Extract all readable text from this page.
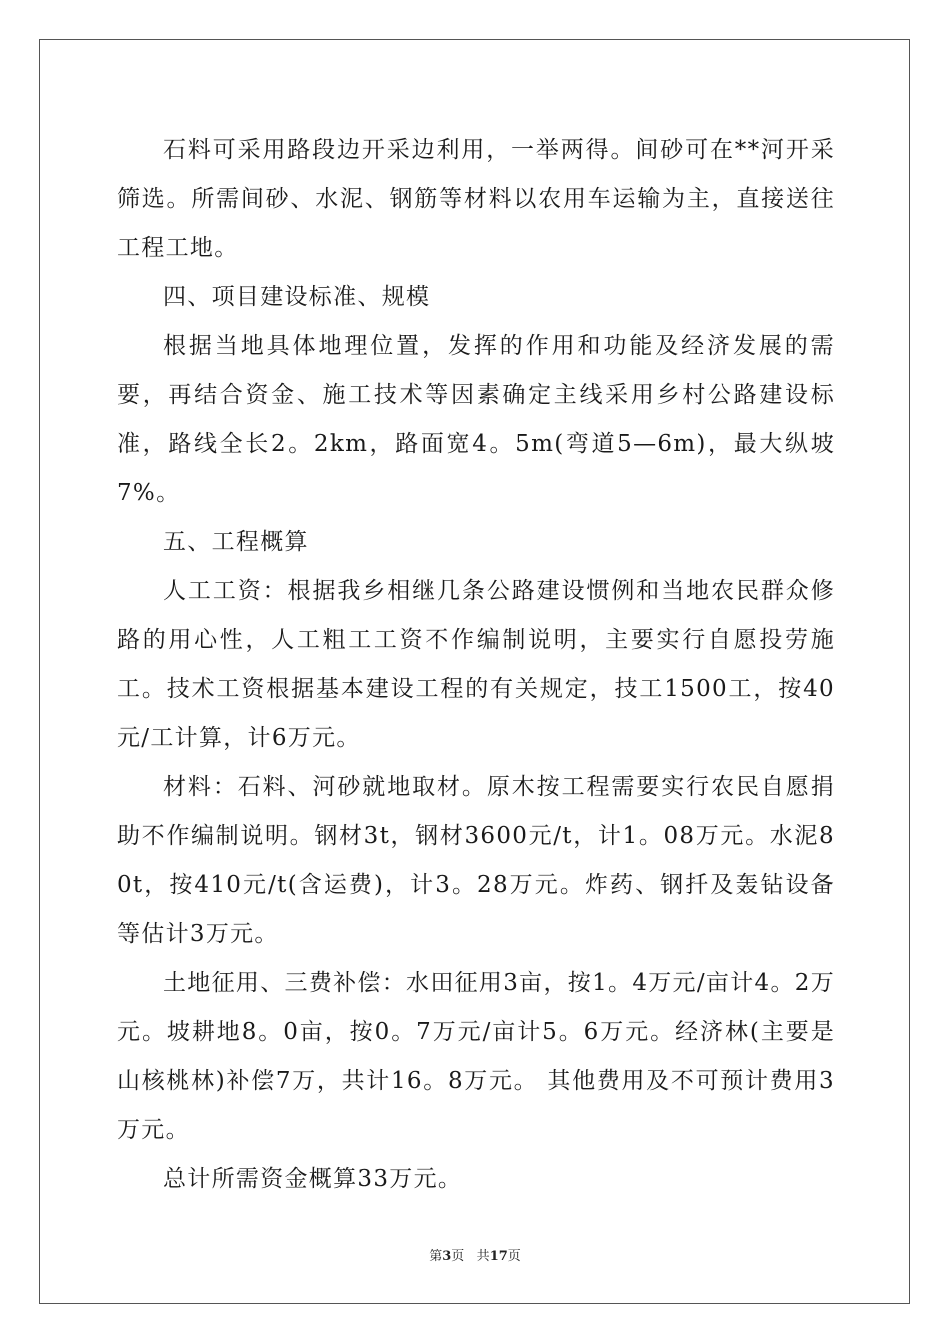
石料可采用路段边开采边利用，一举两得。间砂可在**河开采筛选。所需间砂、水泥、钢筋等材料以农用车运输为主，直接送往工程工地。

四、项目建设标准、规模

根据当地具体地理位置，发挥的作用和功能及经济发展的需要，再结合资金、施工技术等因素确定主线采用乡村公路建设标准，路线全长2。2km，路面宽4。5m(弯道5—6m)，最大纵坡7%。

五、工程概算

人工工资：根据我乡相继几条公路建设惯例和当地农民群众修路的用心性，人工粗工工资不作编制说明，主要实行自愿投劳施工。技术工资根据基本建设工程的有关规定，技工1500工，按40元/工计算，计6万元。

材料：石料、河砂就地取材。原木按工程需要实行农民自愿捐助不作编制说明。钢材3t，钢材3600元/t，计1。08万元。水泥80t，按410元/t(含运费)，计3。28万元。炸药、钢扦及轰钻设备等估计3万元。

土地征用、三费补偿：水田征用3亩，按1。4万元/亩计4。2万元。坡耕地8。0亩，按0。7万元/亩计5。6万元。经济林(主要是山核桃林)补偿7万，共计16。8万元。 其他费用及不可预计费用3万元。

总计所需资金概算33万元。

第3页 共17页
